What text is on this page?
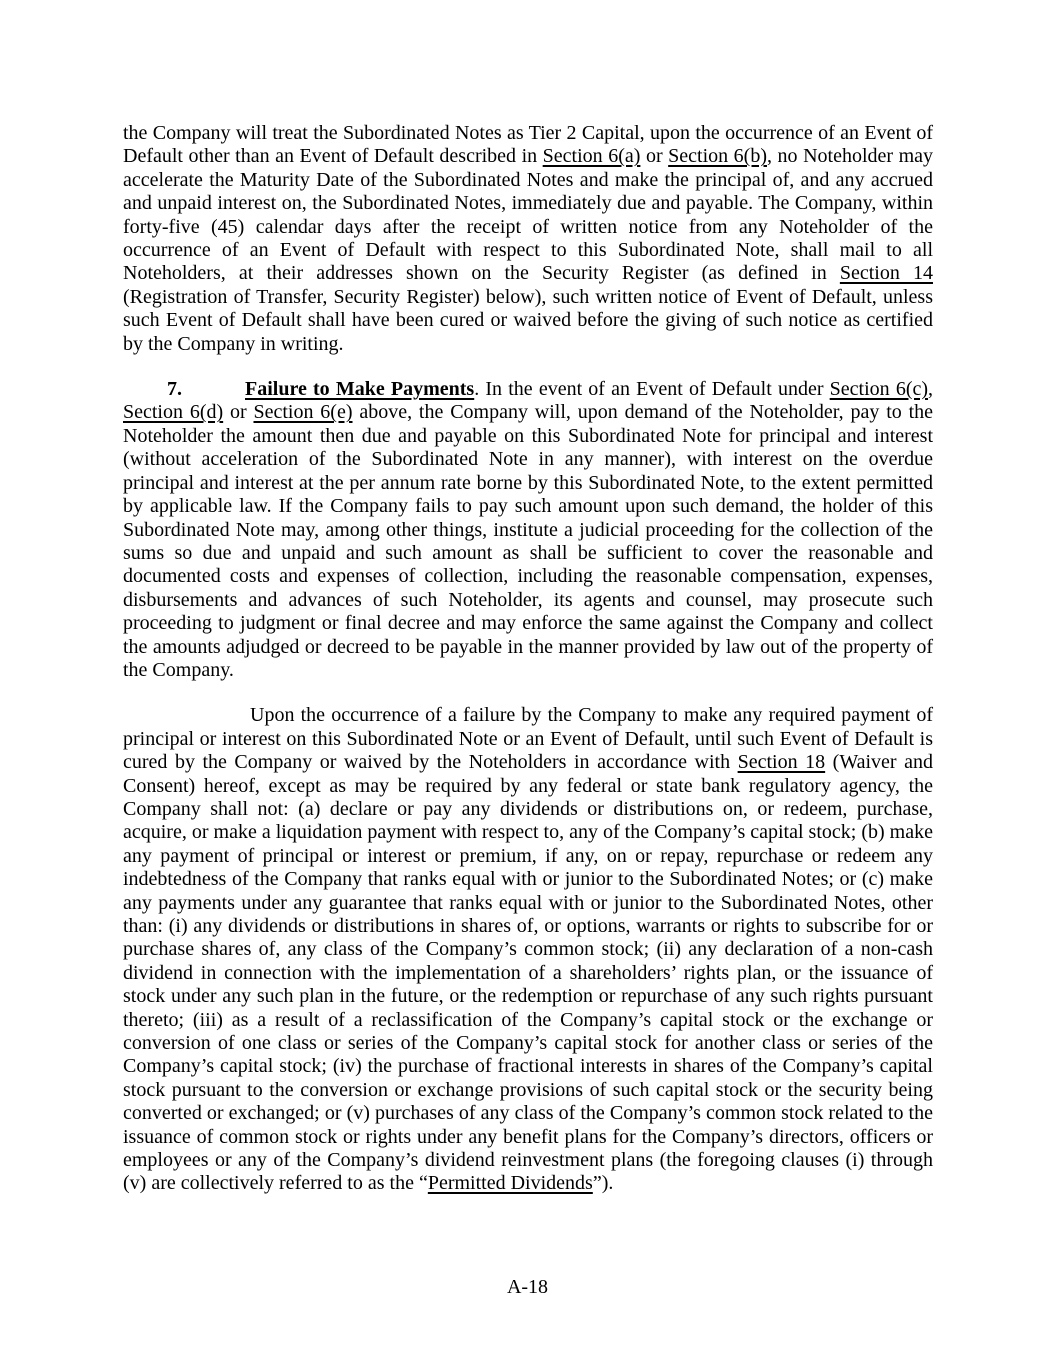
the Company will treat the Subordinated Notes as Tier 2 Capital, upon the occurrence of an Event of Default other than an Event of Default described in Section 6(a) or Section 6(b), no Noteholder may accelerate the Maturity Date of the Subordinated Notes and make the principal of, and any accrued and unpaid interest on, the Subordinated Notes, immediately due and payable. The Company, within forty-five (45) calendar days after the receipt of written notice from any Noteholder of the occurrence of an Event of Default with respect to this Subordinated Note, shall mail to all Noteholders, at their addresses shown on the Security Register (as defined in Section 14 (Registration of Transfer, Security Register) below), such written notice of Event of Default, unless such Event of Default shall have been cured or waived before the giving of such notice as certified by the Company in writing.

7.	Failure to Make Payments. In the event of an Event of Default under Section 6(c), Section 6(d) or Section 6(e) above, the Company will, upon demand of the Noteholder, pay to the Noteholder the amount then due and payable on this Subordinated Note for principal and interest (without acceleration of the Subordinated Note in any manner), with interest on the overdue principal and interest at the per annum rate borne by this Subordinated Note, to the extent permitted by applicable law. If the Company fails to pay such amount upon such demand, the holder of this Subordinated Note may, among other things, institute a judicial proceeding for the collection of the sums so due and unpaid and such amount as shall be sufficient to cover the reasonable and documented costs and expenses of collection, including the reasonable compensation, expenses, disbursements and advances of such Noteholder, its agents and counsel, may prosecute such proceeding to judgment or final decree and may enforce the same against the Company and collect the amounts adjudged or decreed to be payable in the manner provided by law out of the property of the Company.

Upon the occurrence of a failure by the Company to make any required payment of principal or interest on this Subordinated Note or an Event of Default, until such Event of Default is cured by the Company or waived by the Noteholders in accordance with Section 18 (Waiver and Consent) hereof, except as may be required by any federal or state bank regulatory agency, the Company shall not: (a) declare or pay any dividends or distributions on, or redeem, purchase, acquire, or make a liquidation payment with respect to, any of the Company’s capital stock; (b) make any payment of principal or interest or premium, if any, on or repay, repurchase or redeem any indebtedness of the Company that ranks equal with or junior to the Subordinated Notes; or (c) make any payments under any guarantee that ranks equal with or junior to the Subordinated Notes, other than: (i) any dividends or distributions in shares of, or options, warrants or rights to subscribe for or purchase shares of, any class of the Company’s common stock; (ii) any declaration of a non-cash dividend in connection with the implementation of a shareholders’ rights plan, or the issuance of stock under any such plan in the future, or the redemption or repurchase of any such rights pursuant thereto; (iii) as a result of a reclassification of the Company’s capital stock or the exchange or conversion of one class or series of the Company’s capital stock for another class or series of the Company’s capital stock; (iv) the purchase of fractional interests in shares of the Company’s capital stock pursuant to the conversion or exchange provisions of such capital stock or the security being converted or exchanged; or (v) purchases of any class of the Company’s common stock related to the issuance of common stock or rights under any benefit plans for the Company’s directors, officers or employees or any of the Company’s dividend reinvestment plans (the foregoing clauses (i) through (v) are collectively referred to as the “Permitted Dividends”).

A-18
